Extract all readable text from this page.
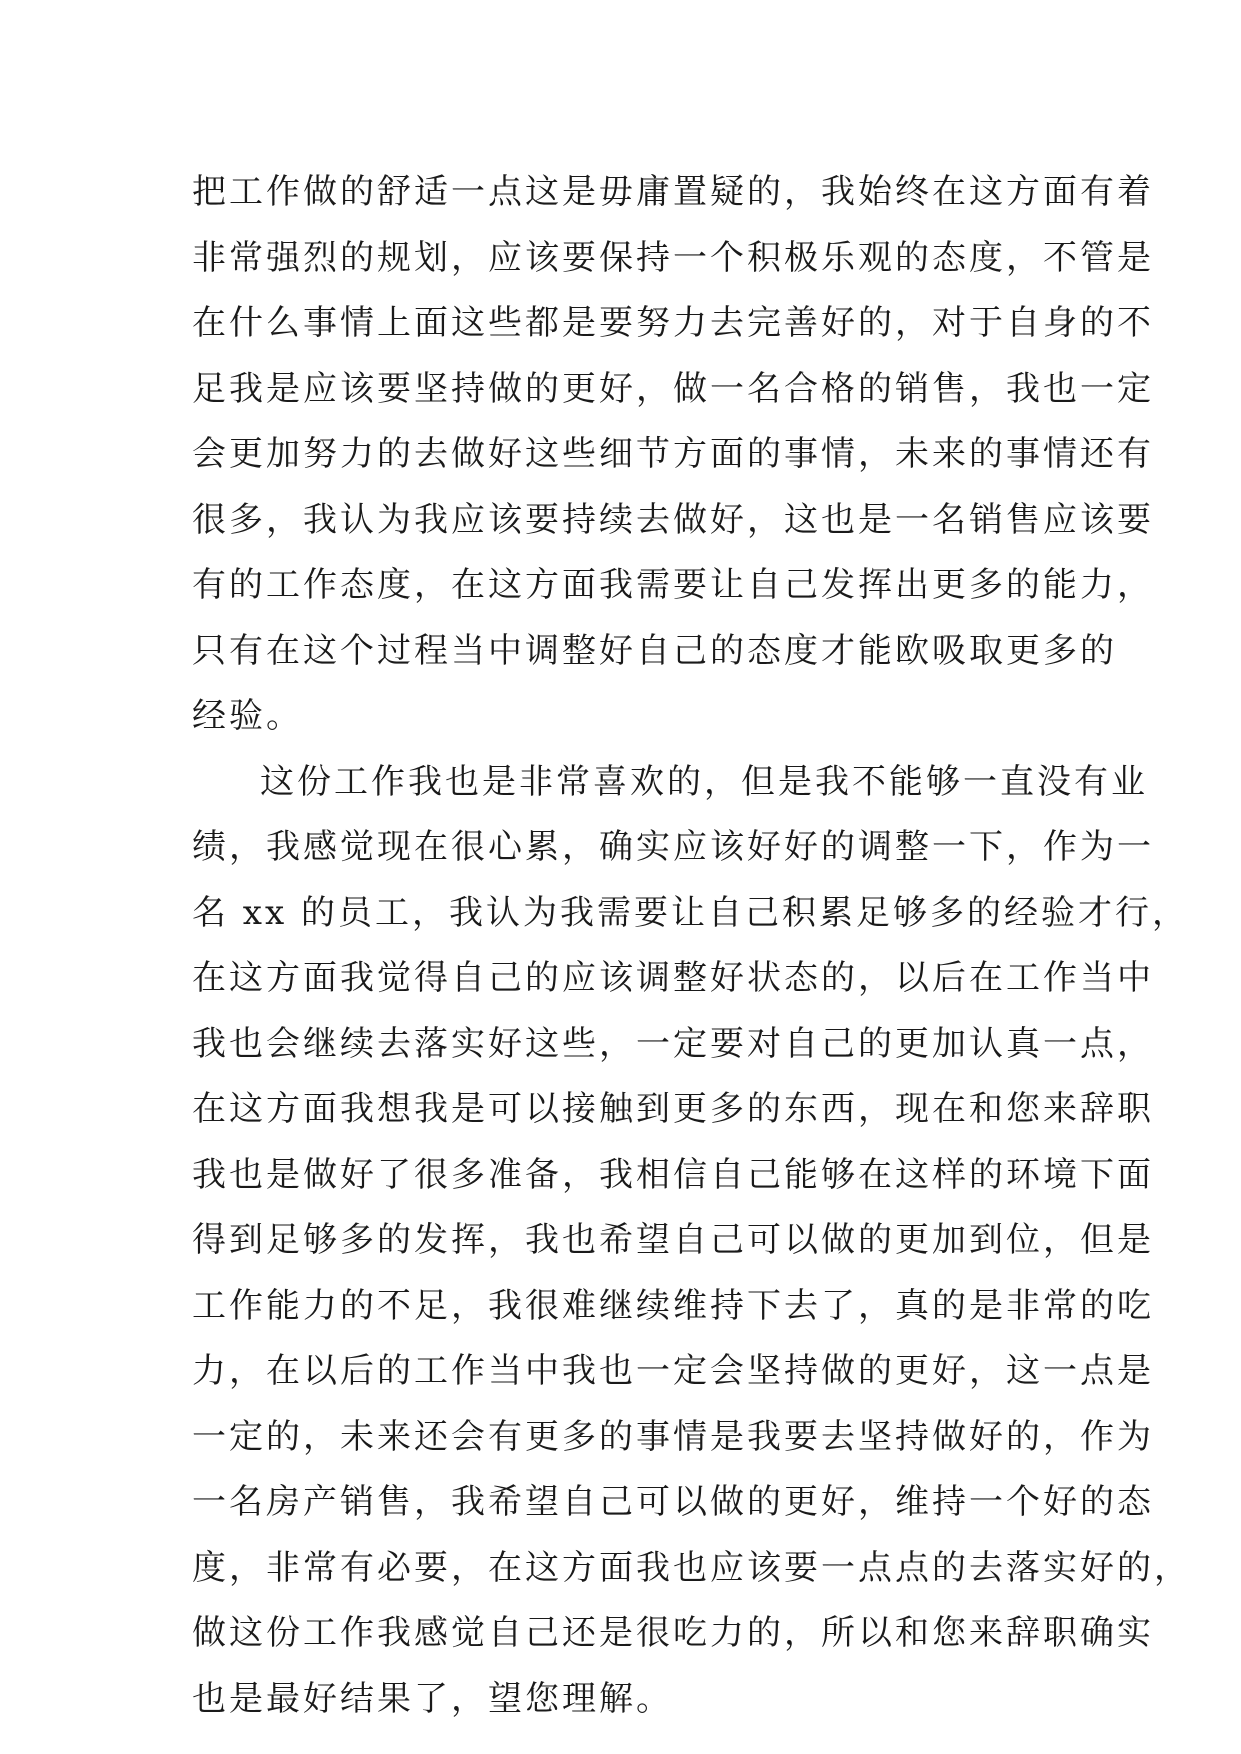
把工作做的舒适一点这是毋庸置疑的，我始终在这方面有着
非常强烈的规划，应该要保持一个积极乐观的态度，不管是
在什么事情上面这些都是要努力去完善好的，对于自身的不
足我是应该要坚持做的更好，做一名合格的销售，我也一定
会更加努力的去做好这些细节方面的事情，未来的事情还有
很多，我认为我应该要持续去做好，这也是一名销售应该要
有的工作态度，在这方面我需要让自己发挥出更多的能力，
只有在这个过程当中调整好自己的态度才能欧吸取更多的
经验。
这份工作我也是非常喜欢的，但是我不能够一直没有业
绩，我感觉现在很心累，确实应该好好的调整一下，作为一
名 xx 的员工，我认为我需要让自己积累足够多的经验才行，
在这方面我觉得自己的应该调整好状态的，以后在工作当中
我也会继续去落实好这些，一定要对自己的更加认真一点，
在这方面我想我是可以接触到更多的东西，现在和您来辞职
我也是做好了很多准备，我相信自己能够在这样的环境下面
得到足够多的发挥，我也希望自己可以做的更加到位，但是
工作能力的不足，我很难继续维持下去了，真的是非常的吃
力，在以后的工作当中我也一定会坚持做的更好，这一点是
一定的，未来还会有更多的事情是我要去坚持做好的，作为
一名房产销售，我希望自己可以做的更好，维持一个好的态
度，非常有必要，在这方面我也应该要一点点的去落实好的，
做这份工作我感觉自己还是很吃力的，所以和您来辞职确实
也是最好结果了，望您理解。
